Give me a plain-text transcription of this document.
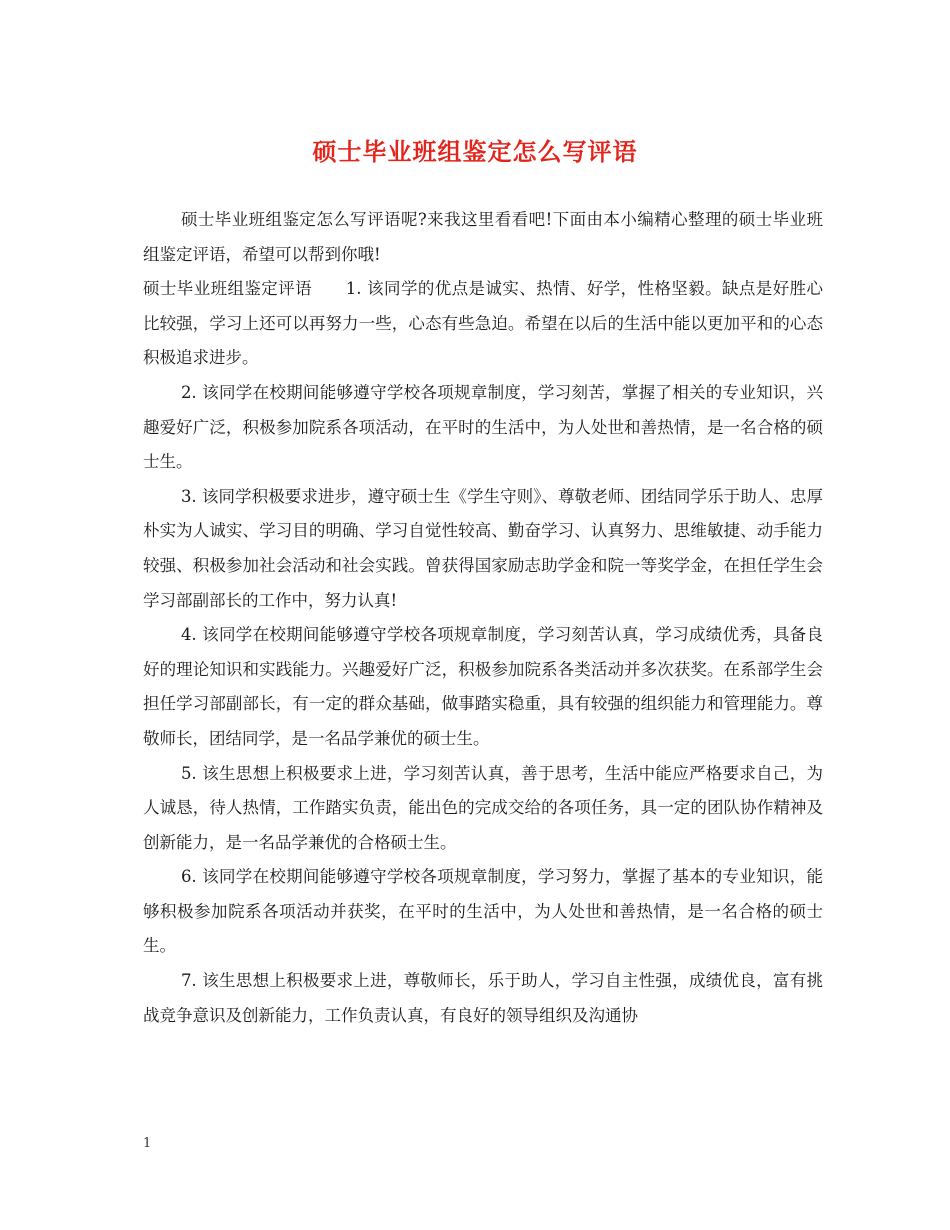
硕士毕业班组鉴定怎么写评语

硕士毕业班组鉴定怎么写评语呢?来我这里看看吧!下面由本小编精心整理的硕士毕业班组鉴定评语，希望可以帮到你哦!

硕士毕业班组鉴定评语　　1. 该同学的优点是诚实、热情、好学，性格坚毅。缺点是好胜心比较强，学习上还可以再努力一些，心态有些急迫。希望在以后的生活中能以更加平和的心态积极追求进步。

2. 该同学在校期间能够遵守学校各项规章制度，学习刻苦，掌握了相关的专业知识，兴趣爱好广泛，积极参加院系各项活动，在平时的生活中，为人处世和善热情，是一名合格的硕士生。

3. 该同学积极要求进步，遵守硕士生《学生守则》、尊敬老师、团结同学乐于助人、忠厚朴实为人诚实、学习目的明确、学习自觉性较高、勤奋学习、认真努力、思维敏捷、动手能力较强、积极参加社会活动和社会实践。曾获得国家励志助学金和院一等奖学金，在担任学生会学习部副部长的工作中，努力认真!

4. 该同学在校期间能够遵守学校各项规章制度，学习刻苦认真，学习成绩优秀，具备良好的理论知识和实践能力。兴趣爱好广泛，积极参加院系各类活动并多次获奖。在系部学生会担任学习部副部长，有一定的群众基础，做事踏实稳重，具有较强的组织能力和管理能力。尊敬师长，团结同学，是一名品学兼优的硕士生。

5. 该生思想上积极要求上进，学习刻苦认真，善于思考，生活中能应严格要求自己，为人诚恳，待人热情，工作踏实负责，能出色的完成交给的各项任务，具一定的团队协作精神及创新能力，是一名品学兼优的合格硕士生。

6. 该同学在校期间能够遵守学校各项规章制度，学习努力，掌握了基本的专业知识，能够积极参加院系各项活动并获奖，在平时的生活中，为人处世和善热情，是一名合格的硕士生。

7. 该生思想上积极要求上进，尊敬师长，乐于助人，学习自主性强，成绩优良，富有挑战竞争意识及创新能力，工作负责认真，有良好的领导组织及沟通协

1
